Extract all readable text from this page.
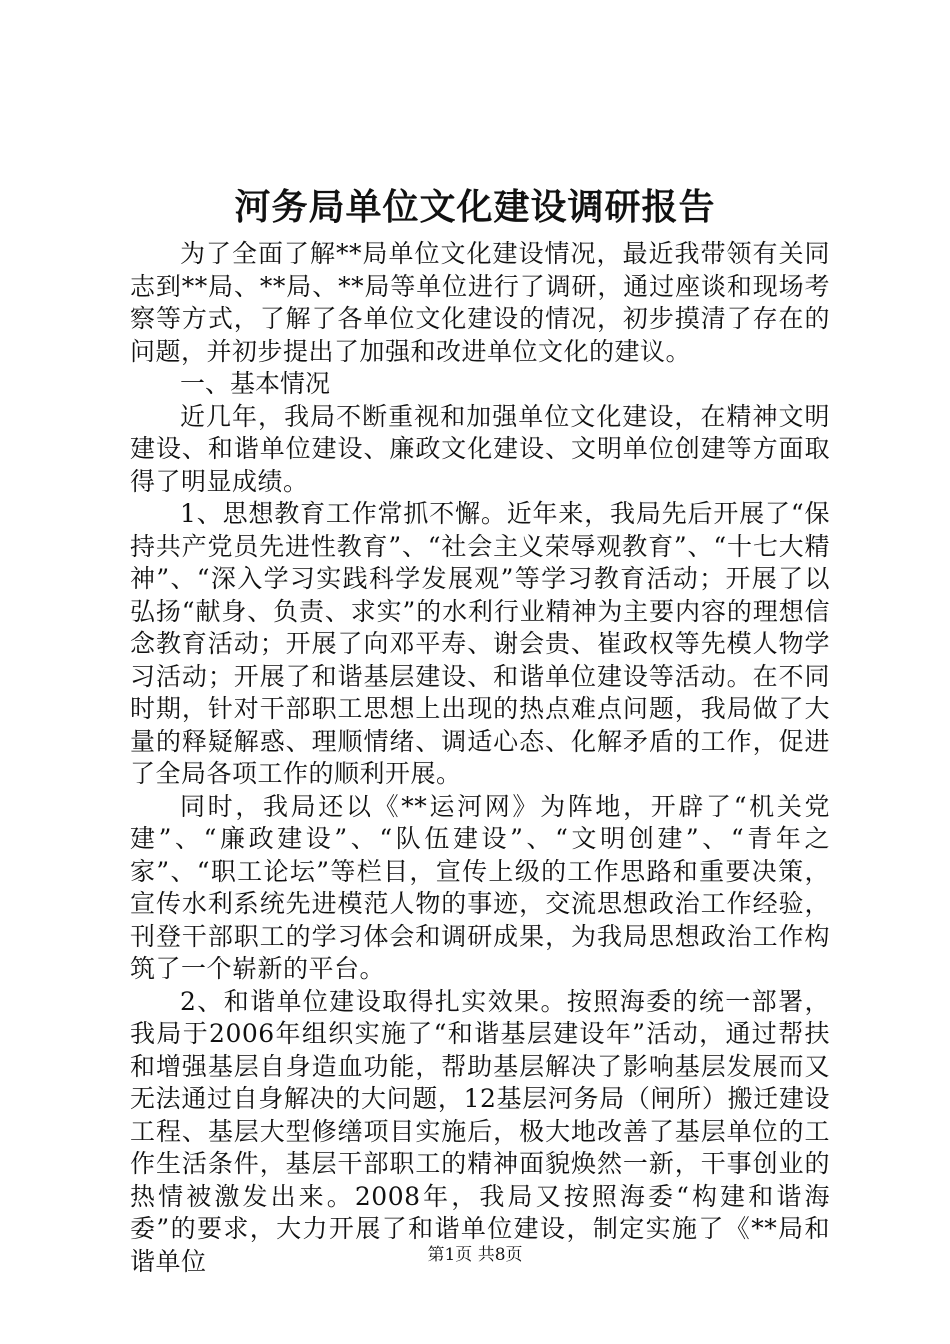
河务局单位文化建设调研报告

为了全面了解**局单位文化建设情况，最近我带领有关同志到**局、**局、**局等单位进行了调研，通过座谈和现场考察等方式，了解了各单位文化建设的情况，初步摸清了存在的问题，并初步提出了加强和改进单位文化的建议。

一、基本情况

近几年，我局不断重视和加强单位文化建设，在精神文明建设、和谐单位建设、廉政文化建设、文明单位创建等方面取得了明显成绩。

1、思想教育工作常抓不懈。近年来，我局先后开展了“保持共产党员先进性教育”、“社会主义荣辱观教育”、“十七大精神”、“深入学习实践科学发展观”等学习教育活动；开展了以弘扬“献身、负责、求实”的水利行业精神为主要内容的理想信念教育活动；开展了向邓平寿、谢会贵、崔政权等先模人物学习活动；开展了和谐基层建设、和谐单位建设等活动。在不同时期，针对干部职工思想上出现的热点难点问题，我局做了大量的释疑解惑、理顺情绪、调适心态、化解矛盾的工作，促进了全局各项工作的顺利开展。

同时，我局还以《**运河网》为阵地，开辟了“机关党建”、“廉政建设”、“队伍建设”、“文明创建”、“青年之家”、“职工论坛”等栏目，宣传上级的工作思路和重要决策，宣传水利系统先进模范人物的事迹，交流思想政治工作经验，刊登干部职工的学习体会和调研成果，为我局思想政治工作构筑了一个崭新的平台。

2、和谐单位建设取得扎实效果。按照海委的统一部署，我局于2006年组织实施了“和谐基层建设年”活动，通过帮扶和增强基层自身造血功能，帮助基层解决了影响基层发展而又无法通过自身解决的大问题，12基层河务局（闸所）搬迁建设工程、基层大型修缮项目实施后，极大地改善了基层单位的工作生活条件，基层干部职工的精神面貌焕然一新，干事创业的热情被激发出来。2008年，我局又按照海委“构建和谐海委”的要求，大力开展了和谐单位建设，制定实施了《**局和谐单位	第1页 共8页
